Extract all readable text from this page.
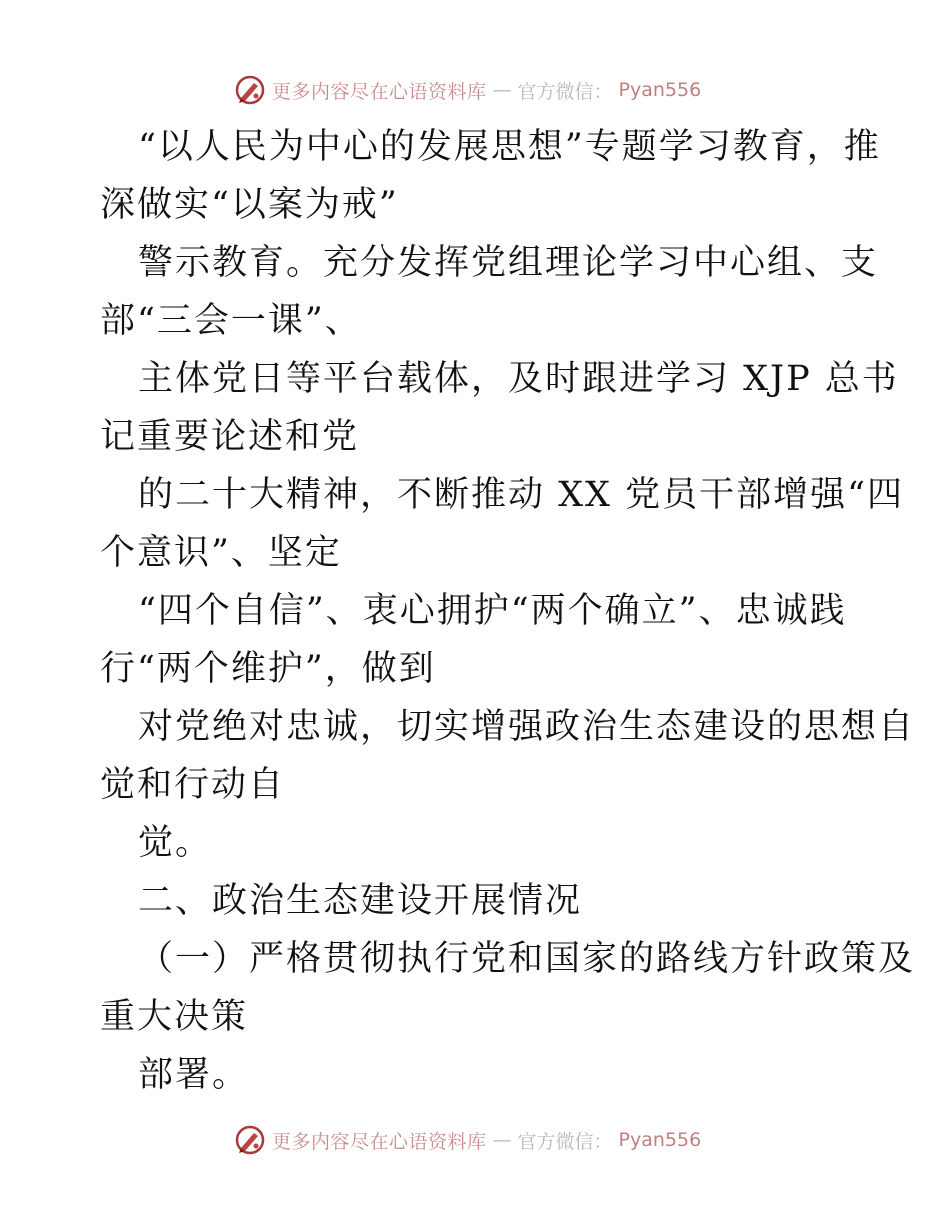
更多内容尽在心语资料库 — 官方微信： Pyan556
“以人民为中心的发展思想”专题学习教育，推
深做实“以案为戒”
警示教育。充分发挥党组理论学习中心组、支
部“三会一课”、
主体党日等平台载体，及时跟进学习 XJP 总书
记重要论述和党
的二十大精神，不断推动 XX 党员干部增强“四
个意识”、坚定
“四个自信”、衷心拥护“两个确立”、忠诚践
行“两个维护”，做到
对党绝对忠诚，切实增强政治生态建设的思想自
觉和行动自
觉。
二、政治生态建设开展情况
（一）严格贯彻执行党和国家的路线方针政策及
重大决策
部署。
更多内容尽在心语资料库 — 官方微信： Pyan556
